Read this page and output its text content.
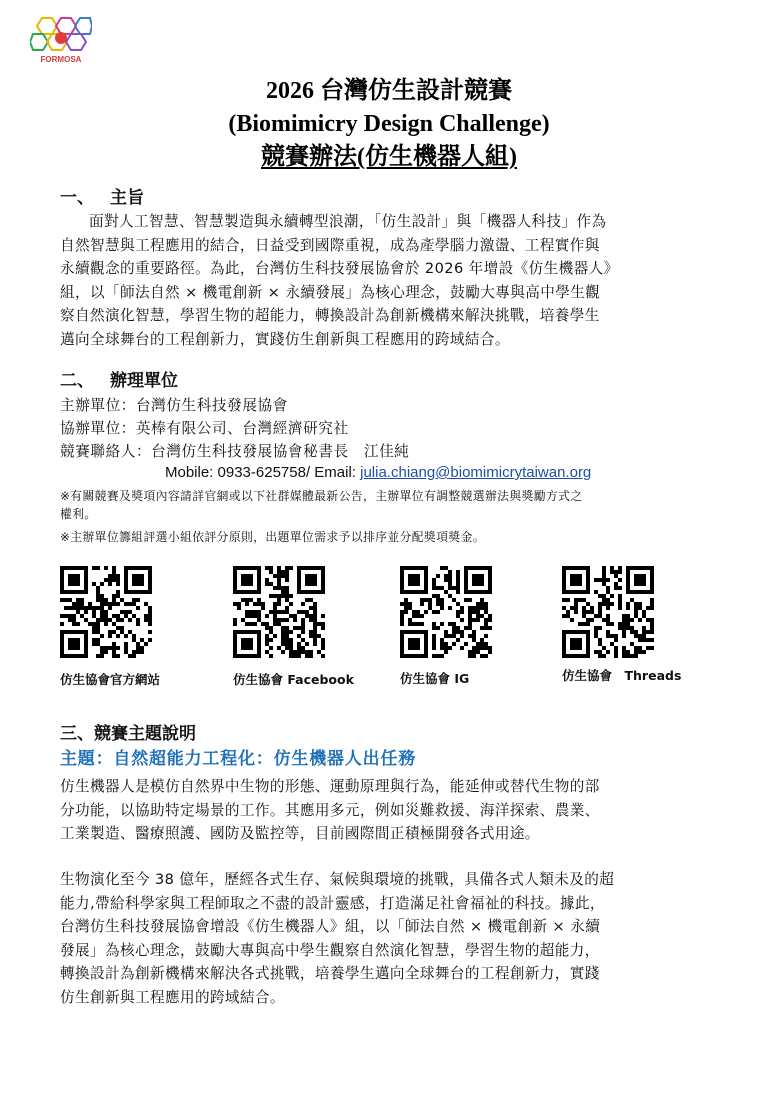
FORMOSA
2026 台灣仿生設計競賽
(Biomimicry Design Challenge)
競賽辦法(仿生機器人組)
一、 主旨
面對人工智慧、智慧製造與永續轉型浪潮，「仿生設計」與「機器人科技」作為
自然智慧與工程應用的結合，日益受到國際重視，成為產學腦力激盪、工程實作與
永續觀念的重要路徑。為此，台灣仿生科技發展協會於 2026 年增設《仿生機器人》
組，以「師法自然 × 機電創新 × 永續發展」為核心理念，鼓勵大專與高中學生觀
察自然演化智慧，學習生物的超能力，轉換設計為創新機構來解決挑戰，培養學生
邁向全球舞台的工程創新力，實踐仿生創新與工程應用的跨域結合。
二、 辦理單位
主辦單位：台灣仿生科技發展協會
協辦單位：英棒有限公司、台灣經濟研究社
競賽聯絡人：台灣仿生科技發展協會秘書長　江佳純
Mobile: 0933-625758/ Email: julia.chiang@biomimicrytaiwan.org
※有關競賽及獎項內容請詳官網或以下社群媒體最新公告，主辦單位有調整競選辦法與獎勵方式之
權利。
※主辦單位籌組評選小組依評分原則，出題單位需求予以排序並分配獎項獎金。
仿生協會官方網站	仿生協會 Facebook	仿生協會 IG	仿生協會　Threads
三、競賽主題說明
主題：自然超能力工程化：仿生機器人出任務
仿生機器人是模仿自然界中生物的形態、運動原理與行為，能延伸或替代生物的部
分功能，以協助特定場景的工作。其應用多元，例如災難救援、海洋探索、農業、
工業製造、醫療照護、國防及監控等，目前國際間正積極開發各式用途。
生物演化至今 38 億年，歷經各式生存、氣候與環境的挑戰，具備各式人類未及的超
能力,帶給科學家與工程師取之不盡的設計靈感，打造滿足社會福祉的科技。據此，
台灣仿生科技發展協會增設《仿生機器人》組，以「師法自然 × 機電創新 × 永續
發展」為核心理念，鼓勵大專與高中學生觀察自然演化智慧，學習生物的超能力，
轉換設計為創新機構來解決各式挑戰，培養學生邁向全球舞台的工程創新力，實踐
仿生創新與工程應用的跨域結合。
